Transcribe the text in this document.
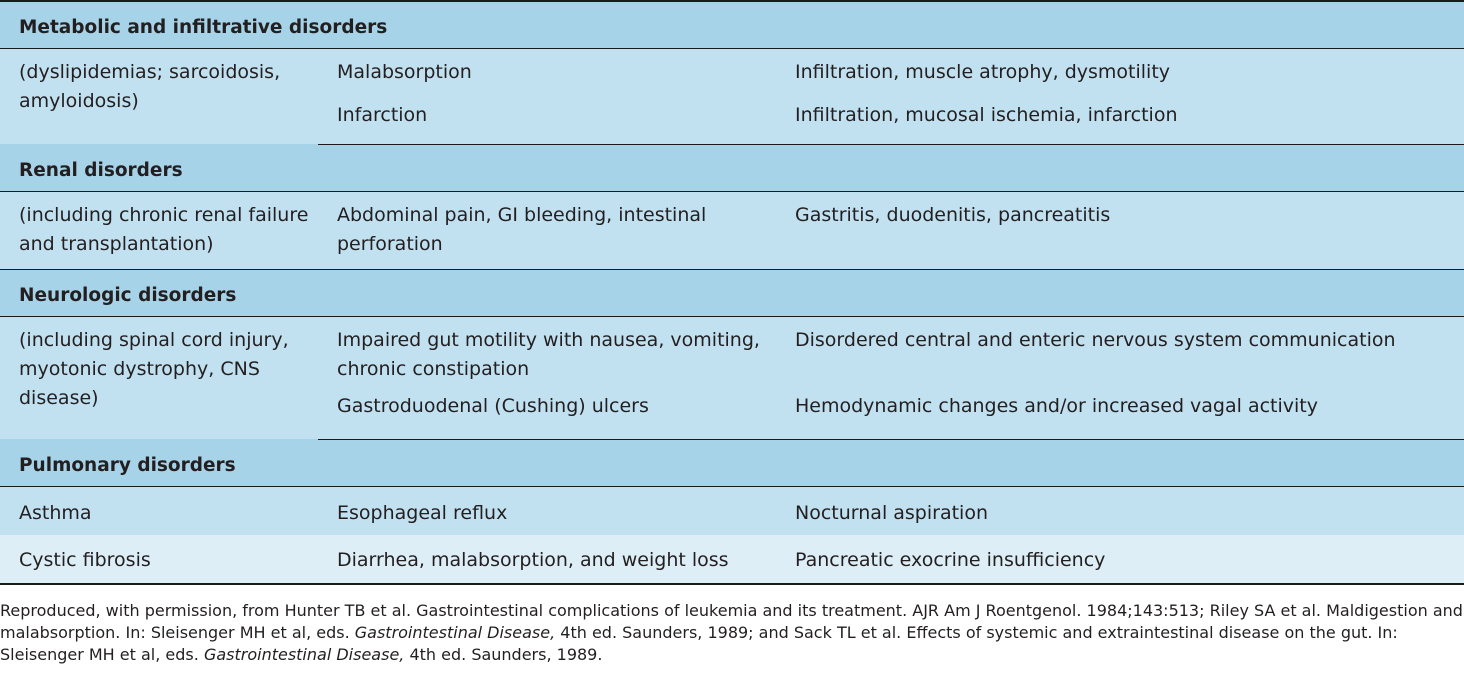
Metabolic and infiltrative disorders		
(dyslipidemias; sarcoidosis, amyloidosis)	Malabsorption	Infiltration, muscle atrophy, dysmotility
	Infarction	Infiltration, mucosal ischemia, infarction
Renal disorders		
(including chronic renal failure and transplantation)	Abdominal pain, GI bleeding, intestinal perforation	Gastritis, duodenitis, pancreatitis
Neurologic disorders		
(including spinal cord injury, myotonic dystrophy, CNS disease)	Impaired gut motility with nausea, vomiting, chronic constipation	Disordered central and enteric nervous system communication
	Gastroduodenal (Cushing) ulcers	Hemodynamic changes and/or increased vagal activity
Pulmonary disorders		
Asthma	Esophageal reflux	Nocturnal aspiration
Cystic fibrosis	Diarrhea, malabsorption, and weight loss	Pancreatic exocrine insufficiency
Reproduced, with permission, from Hunter TB et al. Gastrointestinal complications of leukemia and its treatment. AJR Am J Roentgenol. 1984;143:513; Riley SA et al. Maldigestion and malabsorption. In: Sleisenger MH et al, eds. Gastrointestinal Disease, 4th ed. Saunders, 1989; and Sack TL et al. Effects of systemic and extraintestinal disease on the gut. In: Sleisenger MH et al, eds. Gastrointestinal Disease, 4th ed. Saunders, 1989.
